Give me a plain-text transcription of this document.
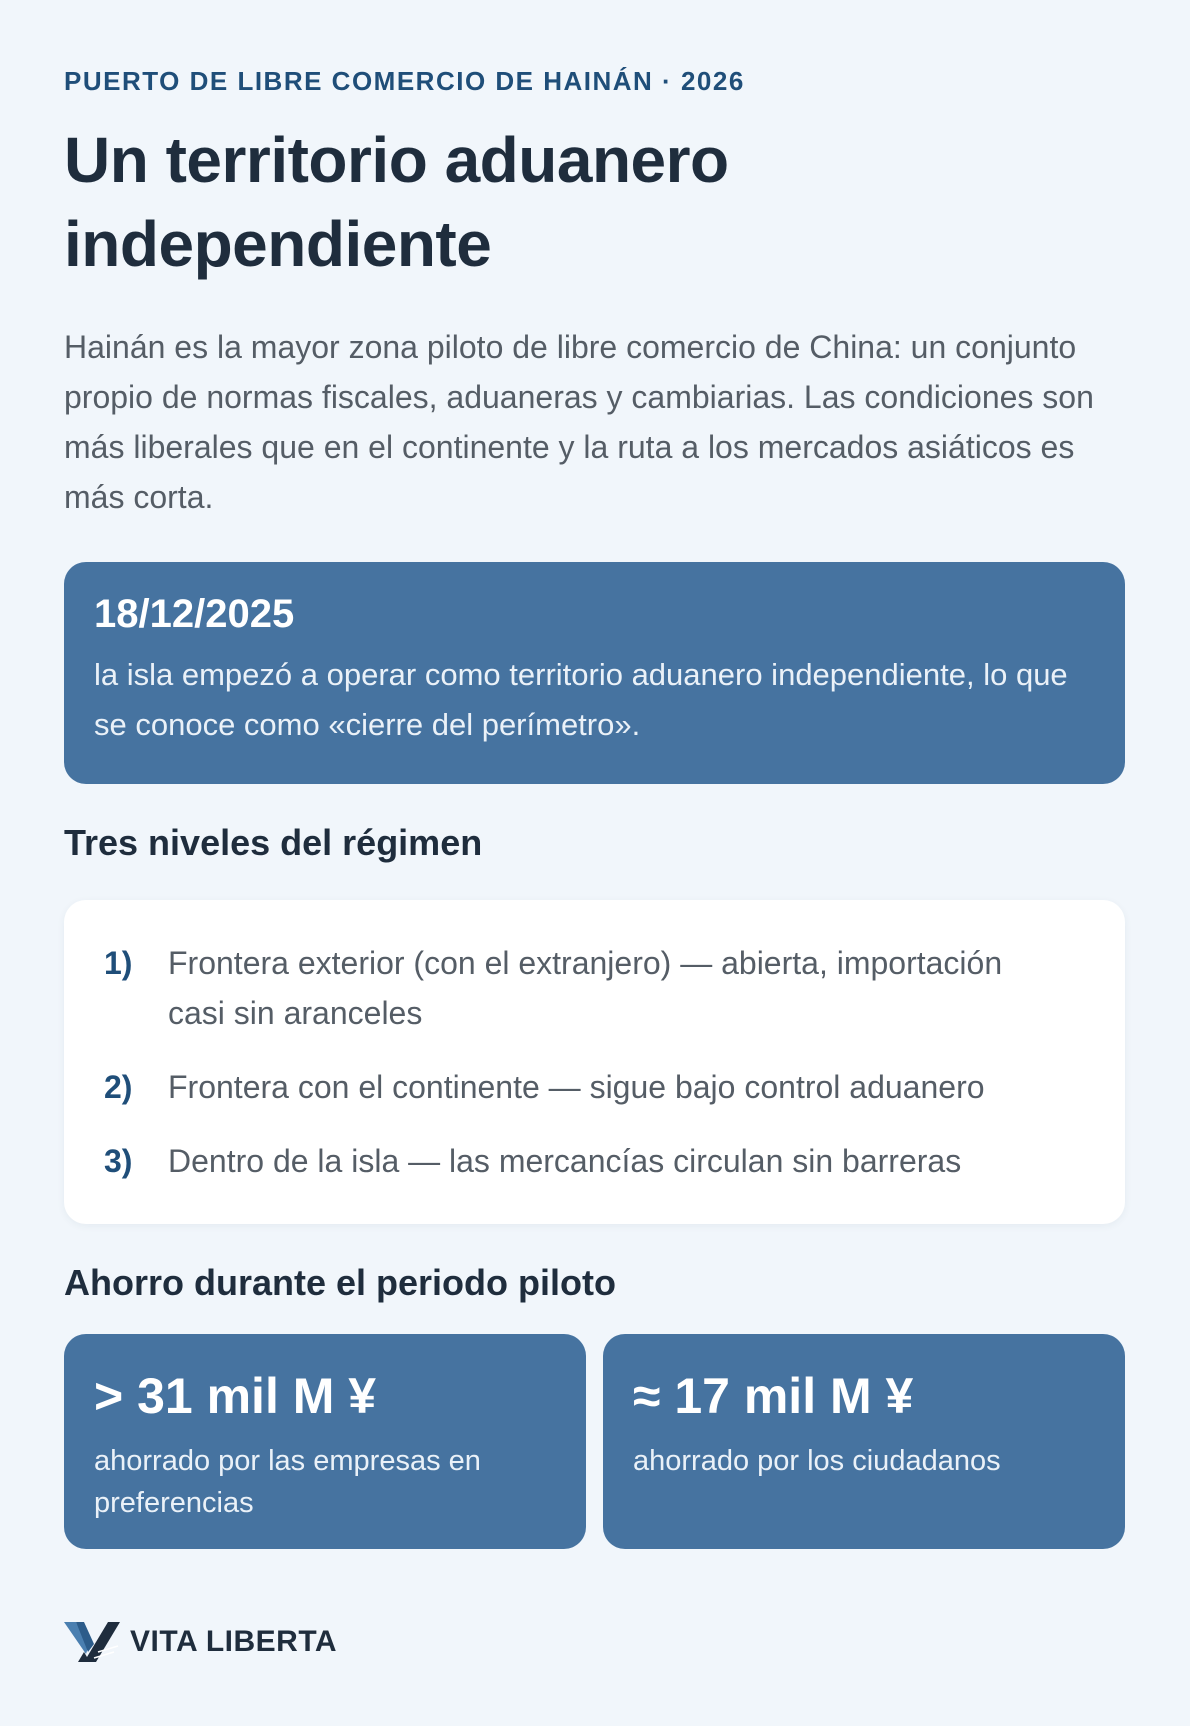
PUERTO DE LIBRE COMERCIO DE HAINÁN · 2026

Un territorio aduanero independiente

Hainán es la mayor zona piloto de libre comercio de China: un conjunto propio de normas fiscales, aduaneras y cambiarias. Las condiciones son más liberales que en el continente y la ruta a los mercados asiáticos es más corta.

18/12/2025
la isla empezó a operar como territorio aduanero independiente, lo que se conoce como «cierre del perímetro».
Tres niveles del régimen
1)	Frontera exterior (con el extranjero) — abierta, importación casi sin aranceles
2)	Frontera con el continente — sigue bajo control aduanero
3)	Dentro de la isla — las mercancías circulan sin barreras
Ahorro durante el periodo piloto
> 31 mil M ¥
ahorrado por las empresas en preferencias
≈ 17 mil M ¥
ahorrado por los ciudadanos
VITA LIBERTA
